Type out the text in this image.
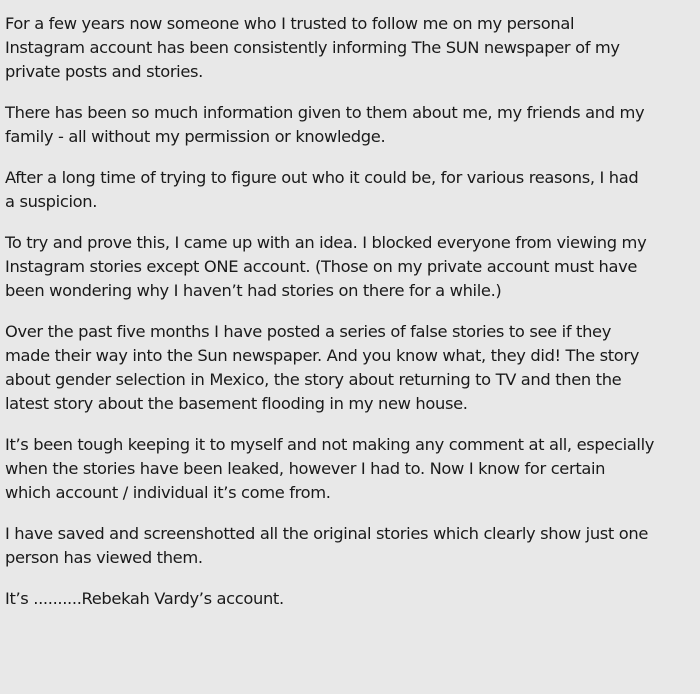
For a few years now someone who I trusted to follow me on my personal
Instagram account has been consistently informing The SUN newspaper of my
private posts and stories.

There has been so much information given to them about me, my friends and my
family - all without my permission or knowledge.

After a long time of trying to figure out who it could be, for various reasons, I had
a suspicion.

To try and prove this, I came up with an idea. I blocked everyone from viewing my
Instagram stories except ONE account. (Those on my private account must have
been wondering why I haven’t had stories on there for a while.)

Over the past five months I have posted a series of false stories to see if they
made their way into the Sun newspaper. And you know what, they did! The story
about gender selection in Mexico, the story about returning to TV and then the
latest story about the basement flooding in my new house.

It’s been tough keeping it to myself and not making any comment at all, especially
when the stories have been leaked, however I had to. Now I know for certain
which account / individual it’s come from.

I have saved and screenshotted all the original stories which clearly show just one
person has viewed them.

It’s ..........Rebekah Vardy’s account.
